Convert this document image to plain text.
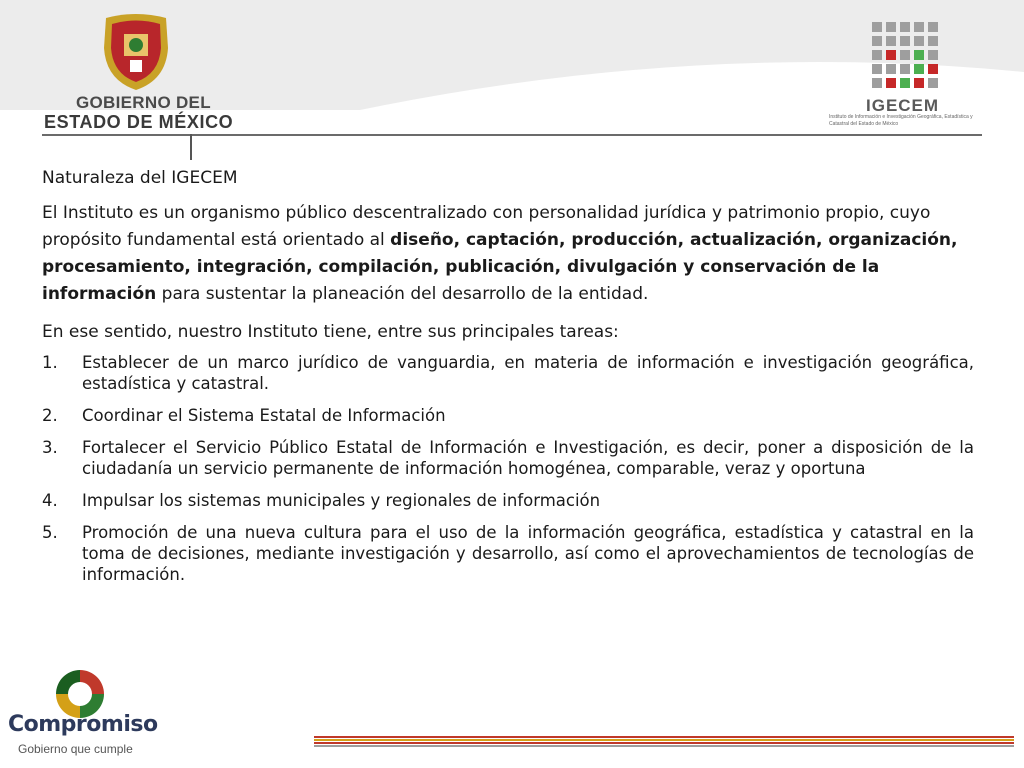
GOBIERNO DEL
ESTADO DE MÉXICO
IGECEM
Instituto de Información e Investigación Geográfica, Estadística y Catastral del Estado de México

Naturaleza del IGECEM

El Instituto es un organismo público descentralizado con personalidad jurídica y patrimonio propio, cuyo propósito fundamental está orientado al diseño, captación, producción, actualización, organización, procesamiento, integración, compilación, publicación, divulgación y conservación de la información para sustentar la planeación del desarrollo de la entidad.

En ese sentido, nuestro Instituto tiene, entre sus principales tareas:

1.	Establecer de un marco jurídico de vanguardia, en materia de información e investigación geográfica, estadística y catastral.
2.	Coordinar el Sistema Estatal de Información
3.	Fortalecer el Servicio Público Estatal de Información e Investigación, es decir, poner a disposición de la ciudadanía un servicio permanente de información homogénea, comparable, veraz y oportuna
4.	Impulsar los sistemas municipales y regionales de información
5.	Promoción de una nueva cultura para el uso de la información geográfica, estadística y catastral en la toma de decisiones, mediante investigación y desarrollo, así como el aprovechamientos de tecnologías de información.
Compromiso
Gobierno que cumple
